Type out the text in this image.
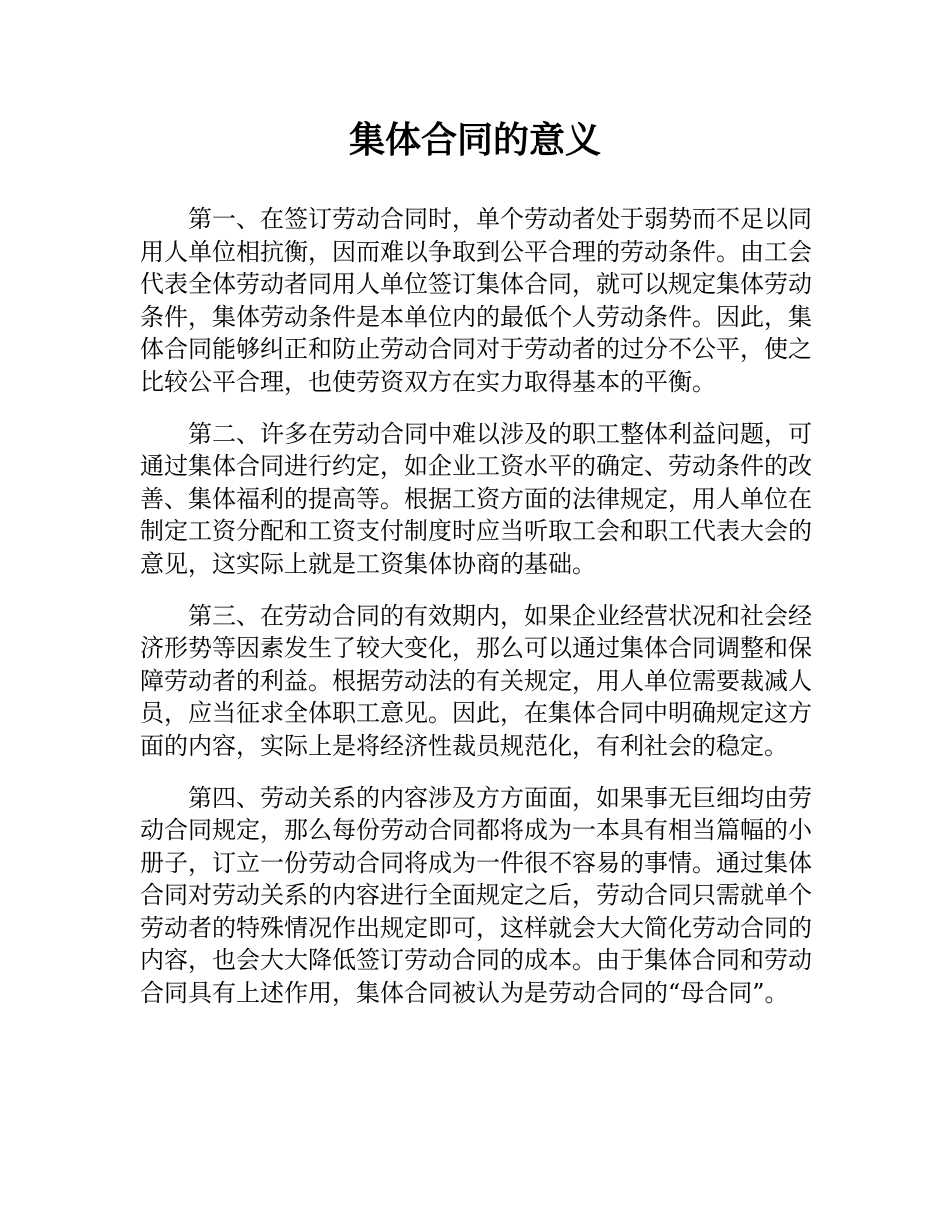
集体合同的意义

第一、在签订劳动合同时，单个劳动者处于弱势而不足以同用人单位相抗衡，因而难以争取到公平合理的劳动条件。由工会代表全体劳动者同用人单位签订集体合同，就可以规定集体劳动条件，集体劳动条件是本单位内的最低个人劳动条件。因此，集体合同能够纠正和防止劳动合同对于劳动者的过分不公平，使之比较公平合理，也使劳资双方在实力取得基本的平衡。

第二、许多在劳动合同中难以涉及的职工整体利益问题，可通过集体合同进行约定，如企业工资水平的确定、劳动条件的改善、集体福利的提高等。根据工资方面的法律规定，用人单位在制定工资分配和工资支付制度时应当听取工会和职工代表大会的意见，这实际上就是工资集体协商的基础。

第三、在劳动合同的有效期内，如果企业经营状况和社会经济形势等因素发生了较大变化，那么可以通过集体合同调整和保障劳动者的利益。根据劳动法的有关规定，用人单位需要裁减人员，应当征求全体职工意见。因此，在集体合同中明确规定这方面的内容，实际上是将经济性裁员规范化，有利社会的稳定。

第四、劳动关系的内容涉及方方面面，如果事无巨细均由劳动合同规定，那么每份劳动合同都将成为一本具有相当篇幅的小册子，订立一份劳动合同将成为一件很不容易的事情。通过集体合同对劳动关系的内容进行全面规定之后，劳动合同只需就单个劳动者的特殊情况作出规定即可，这样就会大大简化劳动合同的内容，也会大大降低签订劳动合同的成本。由于集体合同和劳动合同具有上述作用，集体合同被认为是劳动合同的“母合同”。
